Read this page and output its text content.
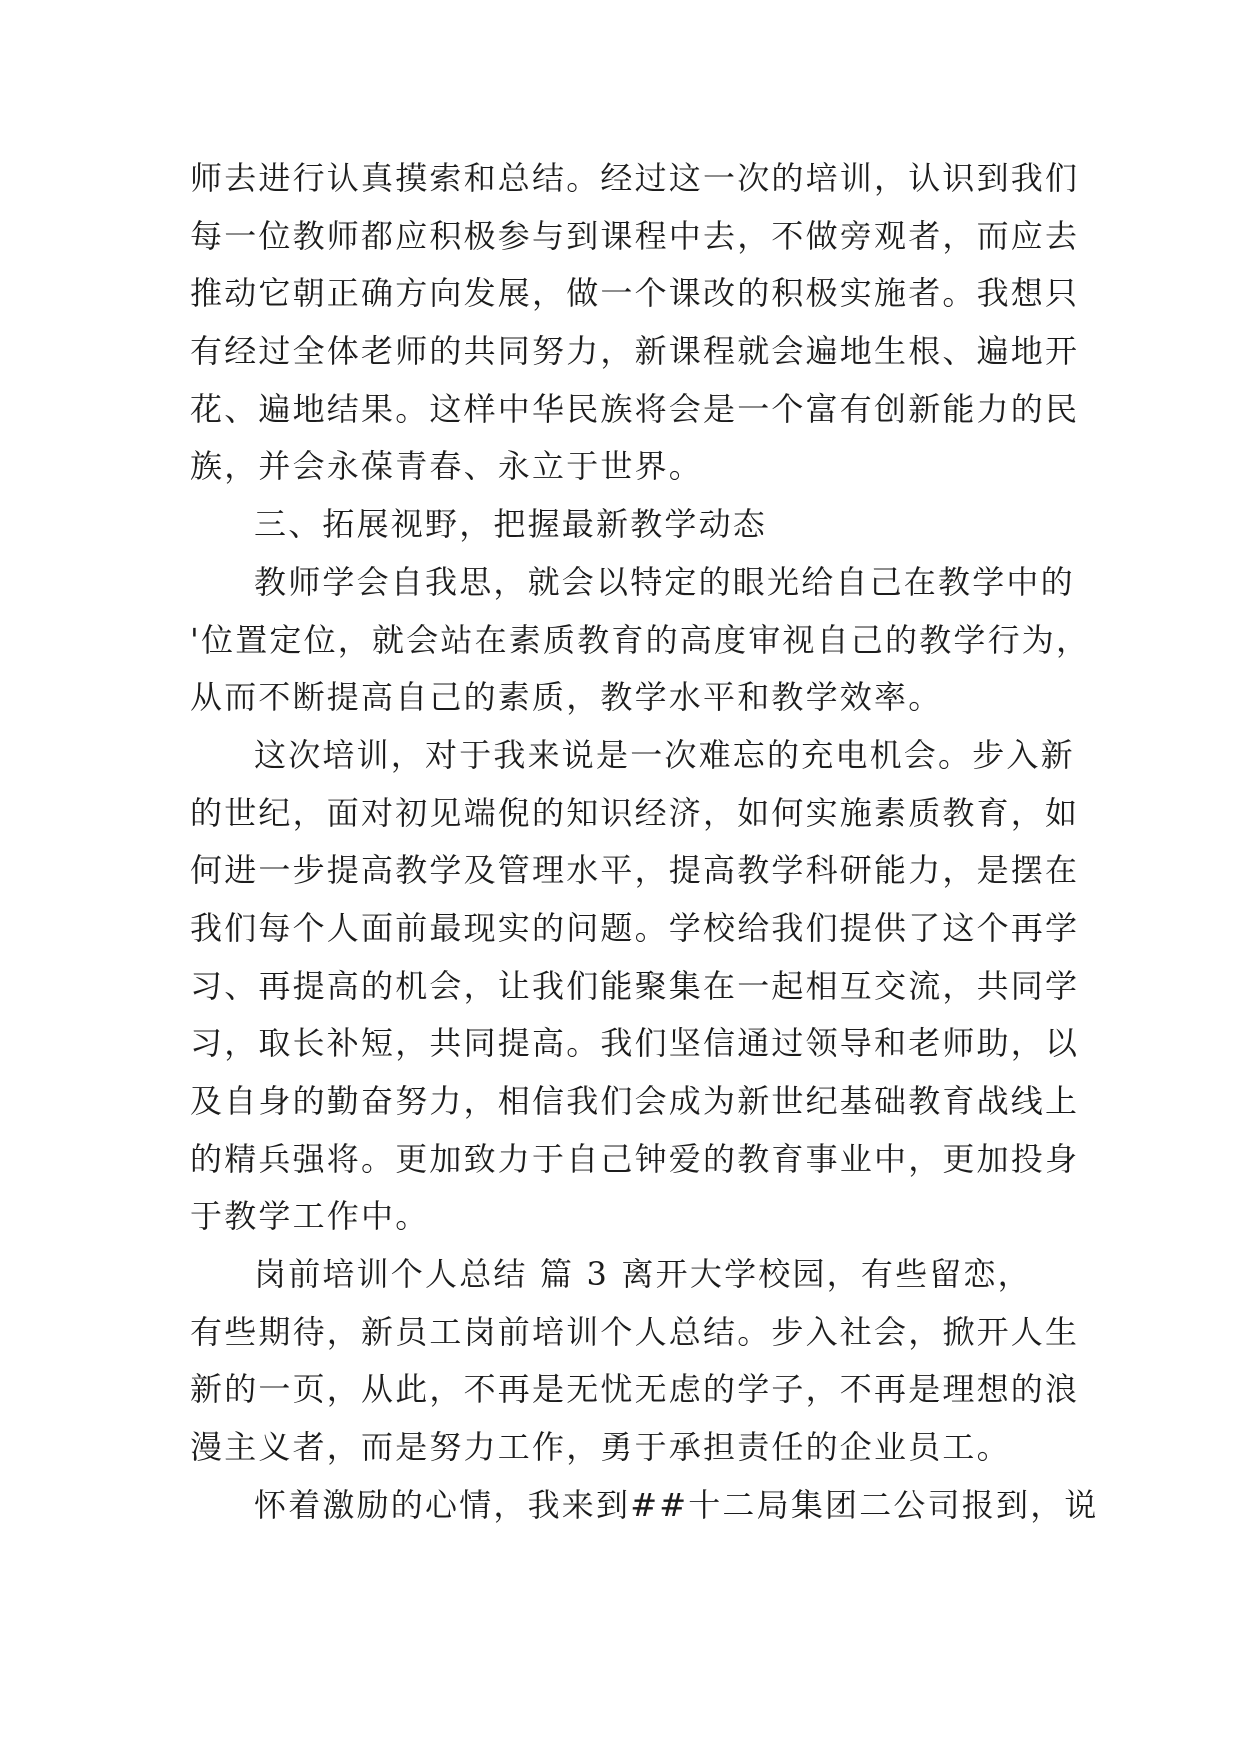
师去进行认真摸索和总结。经过这一次的培训，认识到我们
每一位教师都应积极参与到课程中去，不做旁观者，而应去
推动它朝正确方向发展，做一个课改的积极实施者。我想只
有经过全体老师的共同努力，新课程就会遍地生根、遍地开
花、遍地结果。这样中华民族将会是一个富有创新能力的民
族，并会永葆青春、永立于世界。
三、拓展视野，把握最新教学动态
教师学会自我思，就会以特定的眼光给自己在教学中的
'位置定位，就会站在素质教育的高度审视自己的教学行为，
从而不断提高自己的素质，教学水平和教学效率。
这次培训，对于我来说是一次难忘的充电机会。步入新
的世纪，面对初见端倪的知识经济，如何实施素质教育，如
何进一步提高教学及管理水平，提高教学科研能力，是摆在
我们每个人面前最现实的问题。学校给我们提供了这个再学
习、再提高的机会，让我们能聚集在一起相互交流，共同学
习，取长补短，共同提高。我们坚信通过领导和老师助，以
及自身的勤奋努力，相信我们会成为新世纪基础教育战线上
的精兵强将。更加致力于自己钟爱的教育事业中，更加投身
于教学工作中。
岗前培训个人总结 篇 3 离开大学校园，有些留恋，
有些期待，新员工岗前培训个人总结。步入社会，掀开人生
新的一页，从此，不再是无忧无虑的学子，不再是理想的浪
漫主义者，而是努力工作，勇于承担责任的企业员工。
怀着激励的心情，我来到##十二局集团二公司报到，说
